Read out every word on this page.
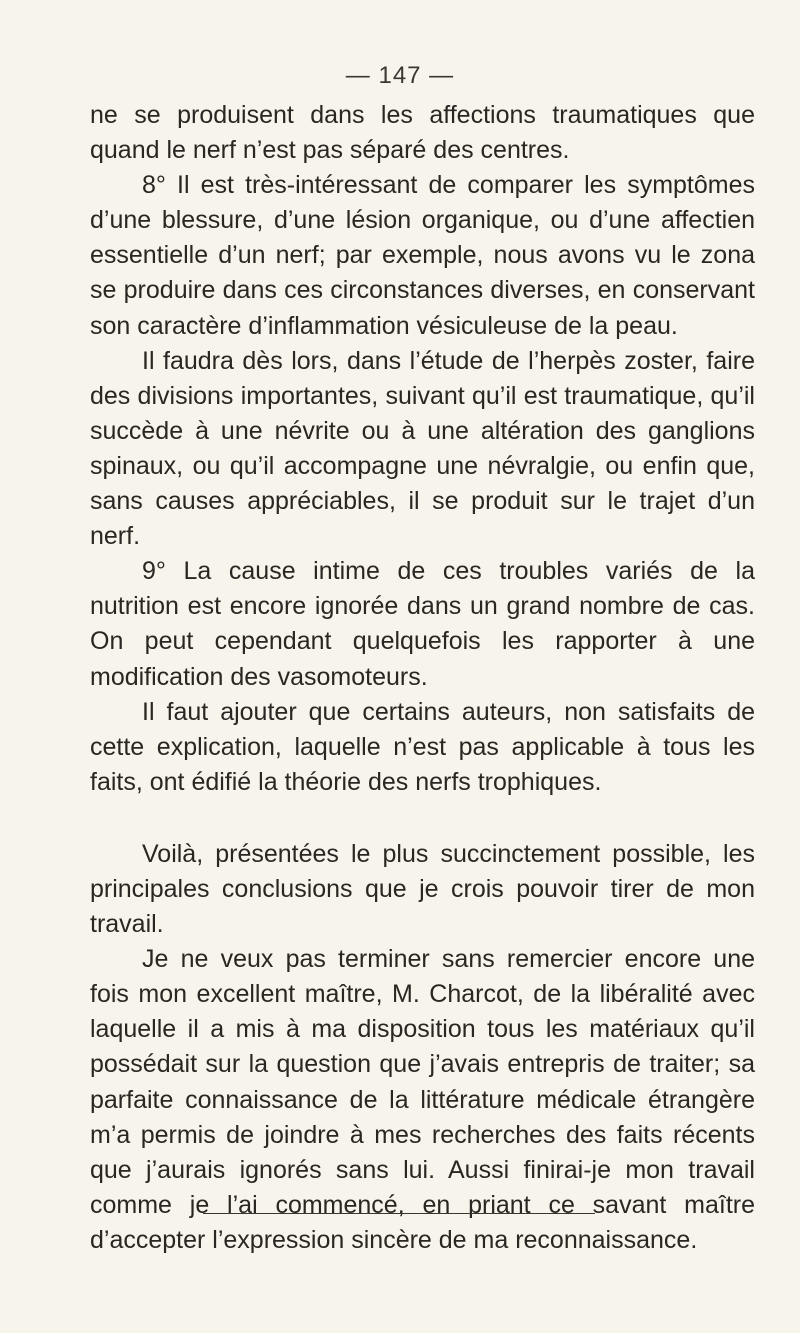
— 147 —

ne se produisent dans les affections traumatiques que quand le nerf n’est pas séparé des centres.

8° Il est très-intéressant de comparer les symptômes d’une blessure, d’une lésion organique, ou d’une affectien essentielle d’un nerf; par exemple, nous avons vu le zona se produire dans ces circonstances diverses, en conservant son caractère d’inflammation vésiculeuse de la peau.

Il faudra dès lors, dans l’étude de l’herpès zoster, faire des divisions importantes, suivant qu’il est traumatique, qu’il succède à une névrite ou à une altération des ganglions spinaux, ou qu’il accompagne une névralgie, ou enfin que, sans causes appréciables, il se produit sur le trajet d’un nerf.

9° La cause intime de ces troubles variés de la nutrition est encore ignorée dans un grand nombre de cas. On peut cependant quelquefois les rapporter à une modification des vasomoteurs.

Il faut ajouter que certains auteurs, non satisfaits de cette explication, laquelle n’est pas applicable à tous les faits, ont édifié la théorie des nerfs trophiques.

Voilà, présentées le plus succinctement possible, les principales conclusions que je crois pouvoir tirer de mon travail.

Je ne veux pas terminer sans remercier encore une fois mon excellent maître, M. Charcot, de la libéralité avec laquelle il a mis à ma disposition tous les matériaux qu’il possédait sur la question que j’avais entrepris de traiter; sa parfaite connaissance de la littérature médicale étrangère m’a permis de joindre à mes recherches des faits récents que j’aurais ignorés sans lui. Aussi finirai-je mon travail comme je l’ai commencé, en priant ce savant maître d’accepter l’expression sincère de ma reconnaissance.
